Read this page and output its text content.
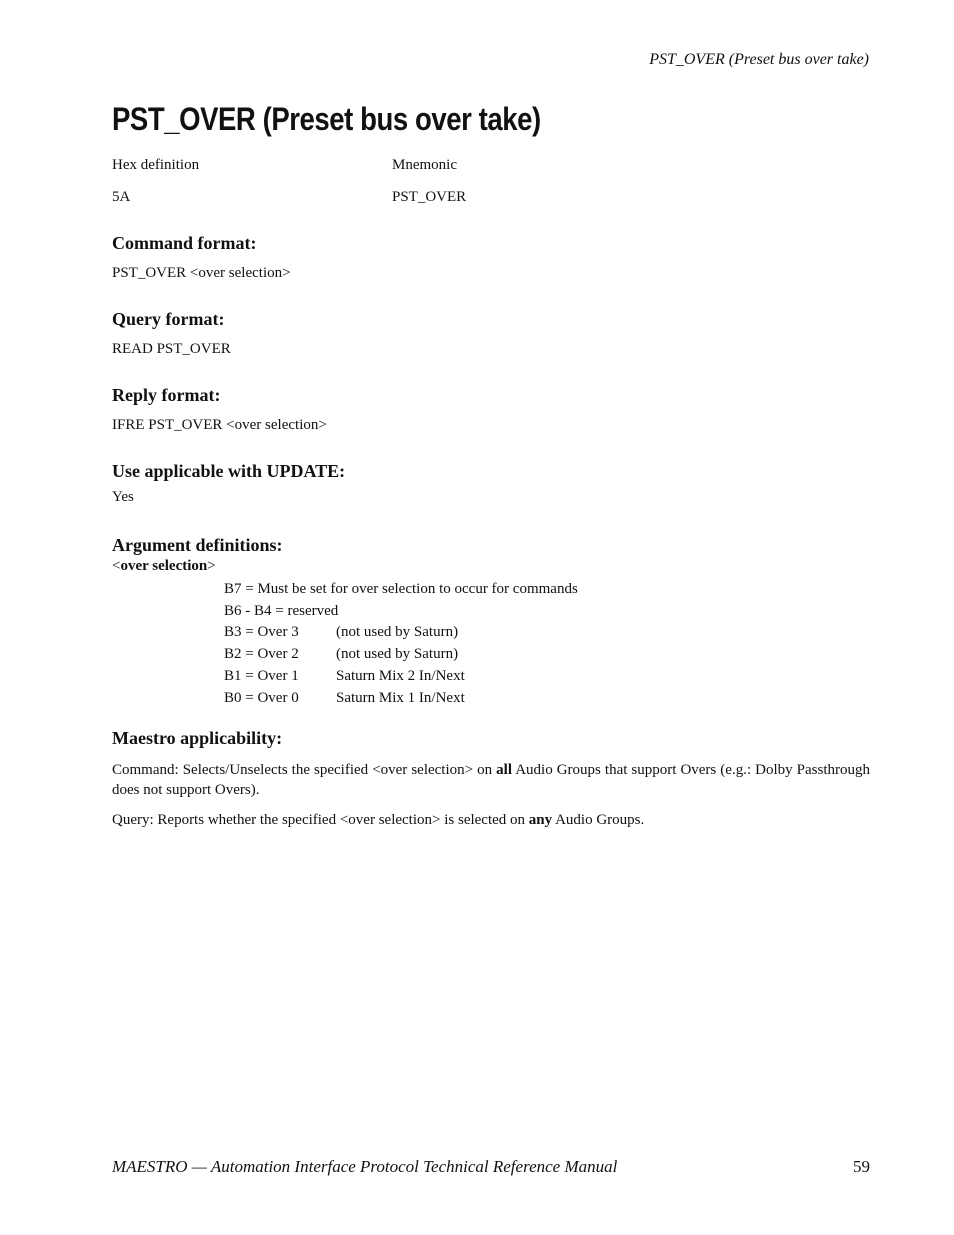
PST_OVER (Preset bus over take)
PST_OVER (Preset bus over take)
Hex definition	Mnemonic
5A	PST_OVER
Command format:
PST_OVER <over selection>
Query format:
READ PST_OVER
Reply format:
IFRE PST_OVER <over selection>
Use applicable with UPDATE:
Yes
Argument definitions:
<over selection>
B7 = Must be set for over selection to occur for commands
B6 - B4 = reserved
B3 = Over 3 (not used by Saturn)
B2 = Over 2 (not used by Saturn)
B1 = Over 1 Saturn Mix 2 In/Next
B0 = Over 0 Saturn Mix 1 In/Next
Maestro applicability:

Command: Selects/Unselects the specified <over selection> on all Audio Groups that support Overs (e.g.: Dolby Passthrough does not support Overs).

Query: Reports whether the specified <over selection> is selected on any Audio Groups.

MAESTRO — Automation Interface Protocol Technical Reference Manual	59
